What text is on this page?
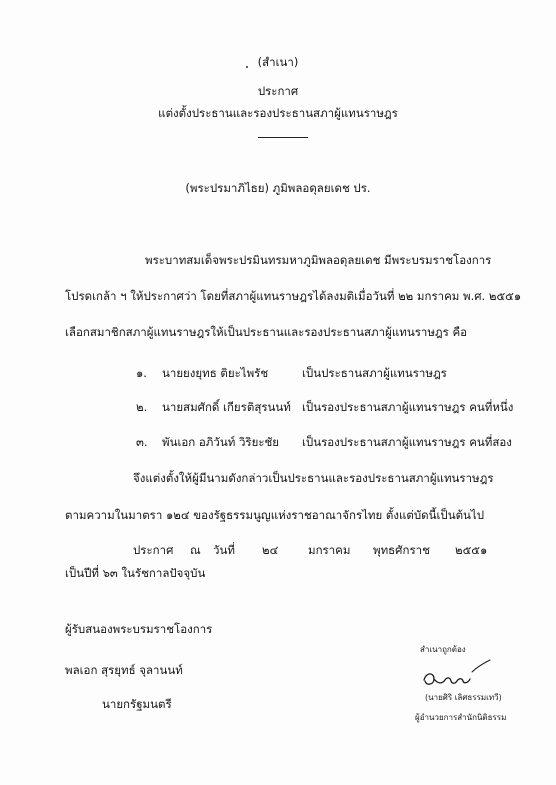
(สำเนา)
ประกาศ
แต่งตั้งประธานและรองประธานสภาผู้แทนราษฎร
(พระปรมาภิไธย) ภูมิพลอดุลยเดช ปร.
พระบาทสมเด็จพระปรมินทรมหาภูมิพลอดุลยเดช มีพระบรมราชโองการ
โปรดเกล้า ฯ ให้ประกาศว่า โดยที่สภาผู้แทนราษฎรได้ลงมติเมื่อวันที่ ๒๒ มกราคม พ.ศ. ๒๕๕๑
เลือกสมาชิกสภาผู้แทนราษฎรให้เป็นประธานและรองประธานสภาผู้แทนราษฎร คือ
๑. นายยงยุทธ ติยะไพรัช	เป็นประธานสภาผู้แทนราษฎร
๒. นายสมศักดิ์ เกียรติสุรนนท์ เป็นรองประธานสภาผู้แทนราษฎร คนที่หนึ่ง
๓. พันเอก อภิวันท์ วิริยะชัย เป็นรองประธานสภาผู้แทนราษฎร คนที่สอง
จึงแต่งตั้งให้ผู้มีนามดังกล่าวเป็นประธานและรองประธานสภาผู้แทนราษฎร
ตามความในมาตรา ๑๒๔ ของรัฐธรรมนูญแห่งราชอาณาจักรไทย ตั้งแต่บัดนี้เป็นต้นไป
ประกาศ ณ วันที่ ๒๔	มกราคม พุทธศักราช ๒๕๕๑
เป็นปีที่ ๖๓ ในรัชกาลปัจจุบัน
ผู้รับสนองพระบรมราชโองการ
พลเอก สุรยุทธ์ จุลานนท์
นายกรัฐมนตรี
สำเนาถูกต้อง
(นายศิริ เลิศธรรมเทวี)
ผู้อำนวยการสำนักนิติธรรม
